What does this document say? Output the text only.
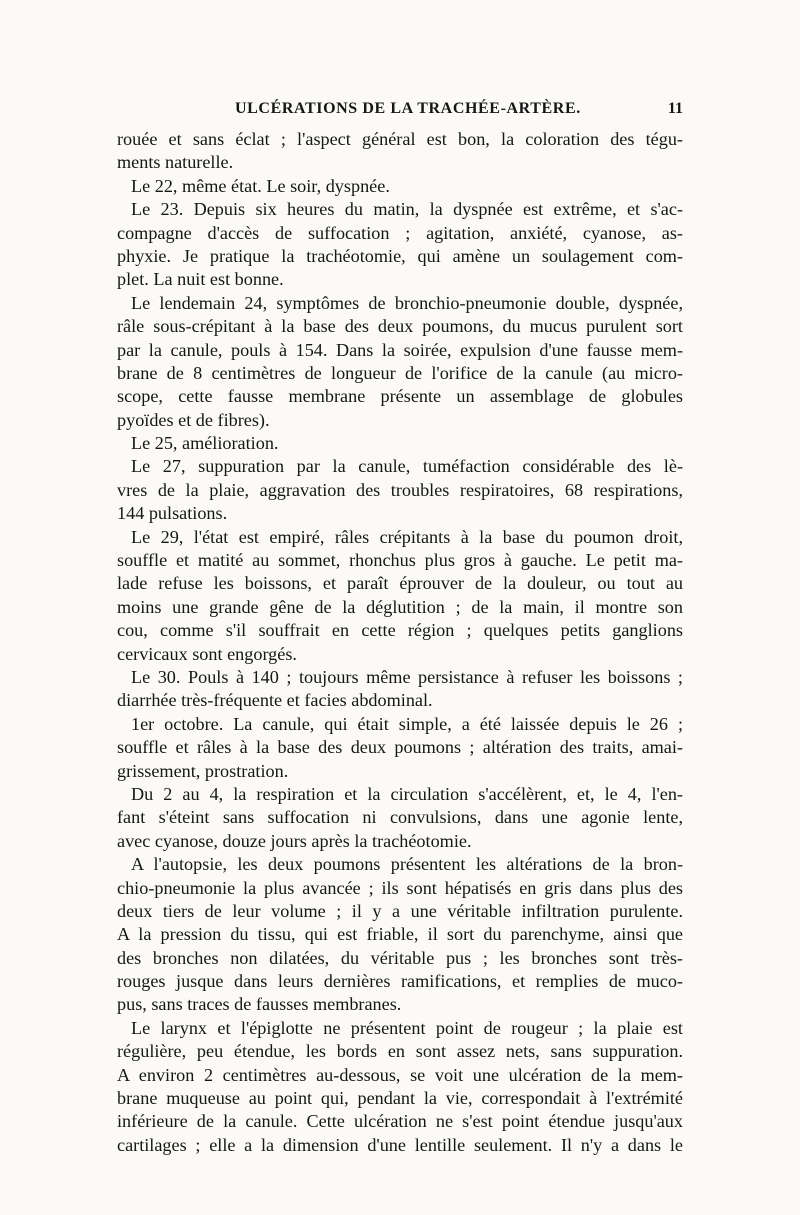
ULCÉRATIONS DE LA TRACHÉE-ARTÈRE.	11
rouée et sans éclat ; l'aspect général est bon, la coloration des tégu-
ments naturelle.
Le 22, même état. Le soir, dyspnée.
Le 23. Depuis six heures du matin, la dyspnée est extrême, et s'ac-
compagne d'accès de suffocation ; agitation, anxiété, cyanose, as-
phyxie. Je pratique la trachéotomie, qui amène un soulagement com-
plet. La nuit est bonne.
Le lendemain 24, symptômes de bronchio-pneumonie double, dyspnée,
râle sous-crépitant à la base des deux poumons, du mucus purulent sort
par la canule, pouls à 154. Dans la soirée, expulsion d'une fausse mem-
brane de 8 centimètres de longueur de l'orifice de la canule (au micro-
scope, cette fausse membrane présente un assemblage de globules
pyoïdes et de fibres).
Le 25, amélioration.
Le 27, suppuration par la canule, tuméfaction considérable des lè-
vres de la plaie, aggravation des troubles respiratoires, 68 respirations,
144 pulsations.
Le 29, l'état est empiré, râles crépitants à la base du poumon droit,
souffle et matité au sommet, rhonchus plus gros à gauche. Le petit ma-
lade refuse les boissons, et paraît éprouver de la douleur, ou tout au
moins une grande gêne de la déglutition ; de la main, il montre son
cou, comme s'il souffrait en cette région ; quelques petits ganglions
cervicaux sont engorgés.
Le 30. Pouls à 140 ; toujours même persistance à refuser les boissons ;
diarrhée très-fréquente et facies abdominal.
1er octobre. La canule, qui était simple, a été laissée depuis le 26 ;
souffle et râles à la base des deux poumons ; altération des traits, amai-
grissement, prostration.
Du 2 au 4, la respiration et la circulation s'accélèrent, et, le 4, l'en-
fant s'éteint sans suffocation ni convulsions, dans une agonie lente,
avec cyanose, douze jours après la trachéotomie.
A l'autopsie, les deux poumons présentent les altérations de la bron-
chio-pneumonie la plus avancée ; ils sont hépatisés en gris dans plus des
deux tiers de leur volume ; il y a une véritable infiltration purulente.
A la pression du tissu, qui est friable, il sort du parenchyme, ainsi que
des bronches non dilatées, du véritable pus ; les bronches sont très-
rouges jusque dans leurs dernières ramifications, et remplies de muco-
pus, sans traces de fausses membranes.
Le larynx et l'épiglotte ne présentent point de rougeur ; la plaie est
régulière, peu étendue, les bords en sont assez nets, sans suppuration.
A environ 2 centimètres au-dessous, se voit une ulcération de la mem-
brane muqueuse au point qui, pendant la vie, correspondait à l'extrémité
inférieure de la canule. Cette ulcération ne s'est point étendue jusqu'aux
cartilages ; elle a la dimension d'une lentille seulement. Il n'y a dans le
